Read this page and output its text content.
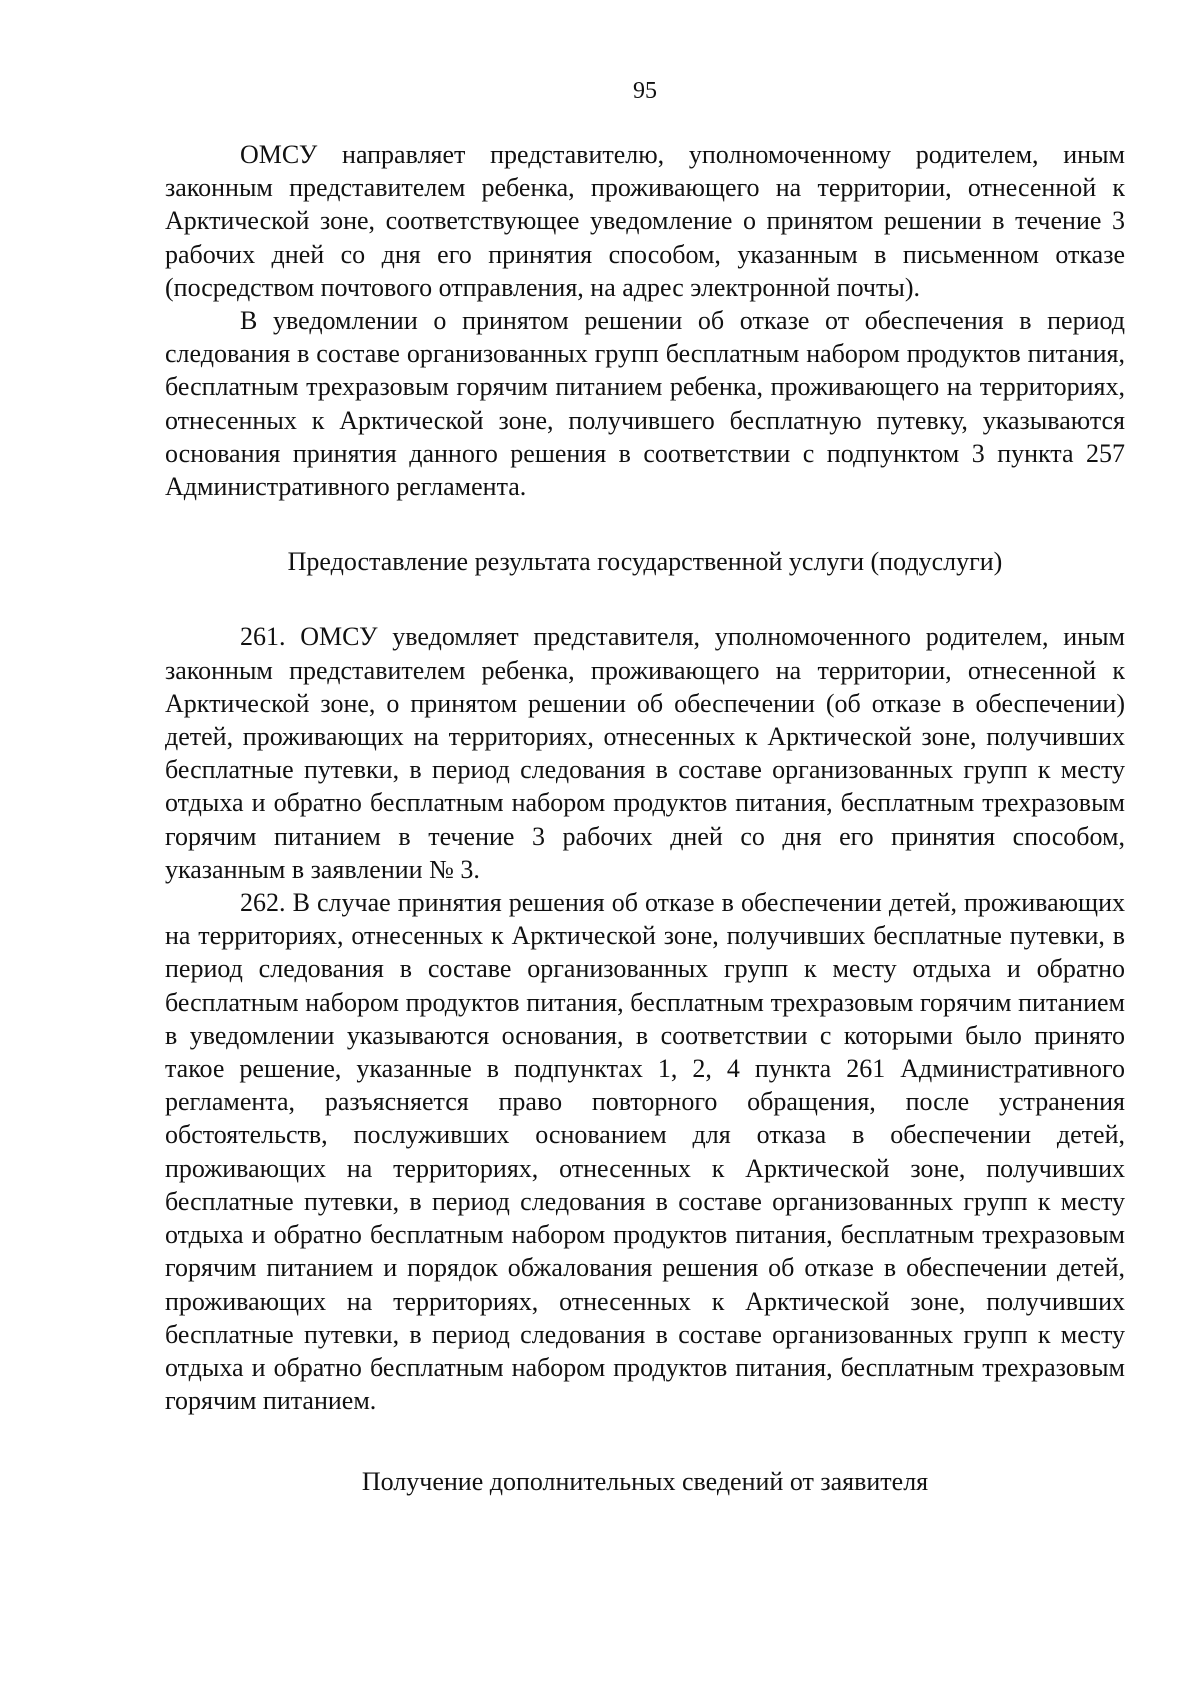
95

ОМСУ направляет представителю, уполномоченному родителем, иным законным представителем ребенка, проживающего на территории, отнесенной к Арктической зоне, соответствующее уведомление о принятом решении в течение 3 рабочих дней со дня его принятия способом, указанным в письменном отказе (посредством почтового отправления, на адрес электронной почты).

В уведомлении о принятом решении об отказе от обеспечения в период следования в составе организованных групп бесплатным набором продуктов питания, бесплатным трехразовым горячим питанием ребенка, проживающего на территориях, отнесенных к Арктической зоне, получившего бесплатную путевку, указываются основания принятия данного решения в соответствии с подпунктом 3 пункта 257 Административного регламента.

Предоставление результата государственной услуги (подуслуги)

261. ОМСУ уведомляет представителя, уполномоченного родителем, иным законным представителем ребенка, проживающего на территории, отнесенной к Арктической зоне, о принятом решении об обеспечении (об отказе в обеспечении) детей, проживающих на территориях, отнесенных к Арктической зоне, получивших бесплатные путевки, в период следования в составе организованных групп к месту отдыха и обратно бесплатным набором продуктов питания, бесплатным трехразовым горячим питанием в течение 3 рабочих дней со дня его принятия способом, указанным в заявлении № 3.

262. В случае принятия решения об отказе в обеспечении детей, проживающих на территориях, отнесенных к Арктической зоне, получивших бесплатные путевки, в период следования в составе организованных групп к месту отдыха и обратно бесплатным набором продуктов питания, бесплатным трехразовым горячим питанием в уведомлении указываются основания, в соответствии с которыми было принято такое решение, указанные в подпунктах 1, 2, 4 пункта 261 Административного регламента, разъясняется право повторного обращения, после устранения обстоятельств, послуживших основанием для отказа в обеспечении детей, проживающих на территориях, отнесенных к Арктической зоне, получивших бесплатные путевки, в период следования в составе организованных групп к месту отдыха и обратно бесплатным набором продуктов питания, бесплатным трехразовым горячим питанием и порядок обжалования решения об отказе в обеспечении детей, проживающих на территориях, отнесенных к Арктической зоне, получивших бесплатные путевки, в период следования в составе организованных групп к месту отдыха и обратно бесплатным набором продуктов питания, бесплатным трехразовым горячим питанием.

Получение дополнительных сведений от заявителя
